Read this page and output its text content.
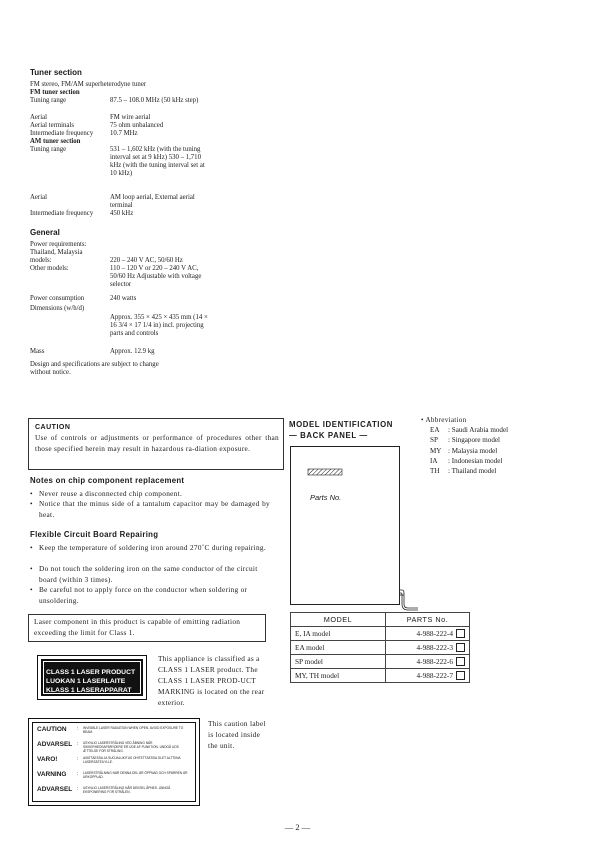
Tuner section
FM stereo, FM/AM superheterodyne tuner
FM tuner section
Tuning range	87.5 – 108.0 MHz (50 kHz step)
Aerial	FM wire aerial
Aerial terminals	75 ohm unbalanced
Intermediate frequency 10.7 MHz
AM tuner section
Tuning range	531 – 1,602 kHz (with the tuning interval set at 9 kHz) 530 – 1,710 kHz (with the tuning interval set at 10 kHz)
Aerial	AM loop aerial, External aerial terminal
Intermediate frequency 450 kHz
General
Power requirements:
Thailand, Malaysia models:	220 – 240 V AC, 50/60 Hz
Other models:	110 – 120 V or 220 – 240 V AC, 50/60 Hz Adjustable with voltage selector
Power consumption	240 watts
Dimensions (w/h/d)
Approx. 355 × 425 × 435 mm (14 × 16 3/4 × 17 1/4 in) incl. projecting parts and controls
Mass	Approx. 12.9 kg
Design and specifications are subject to change without notice.
CAUTION
Use of controls or adjustments or performance of procedures other than those specified herein may result in hazardous ra-diation exposure.
Notes on chip component replacement
• Never reuse a disconnected chip component.
• Notice that the minus side of a tantalum capacitor may be damaged by heat.
Flexible Circuit Board Repairing
• Keep the temperature of soldering iron around 270˚C during repairing.
• Do not touch the soldering iron on the same conductor of the circuit board (within 3 times).
• Be careful not to apply force on the conductor when soldering or unsoldering.
Laser component in this product is capable of emitting radiation exceeding the limit for Class 1.
CLASS 1 LASER PRODUCT
LUOKAN 1 LASERLAITE
KLASS 1 LASERAPPARAT
This appliance is classified as a CLASS 1 LASER product. The CLASS 1 LASER PROD-UCT MARKING is located on the rear exterior.
CAUTION	:	INVISIBLE LASER RADIATION WHEN OPEN. AVOID EXPOSURE TO BEAM.
ADVARSEL :	USYNLIG LASERSTRÅLING VED ÅBNING NÅR SIKKERHEDSAFBRYDERE ER UDE AF FUNKTION. UNDGÅ UDS ÆTTELSE FOR STRÅLING.
VARO!	:	AVATTAESSA JA SUOJALUKITUS OHITETTAESSA OLET ALTTIINA LASERSÄTEILYLLE.
VARNING	:	LASERSTRÅLNING NÄR DENNA DEL ÄR ÖPPNAD OCH SPÄRREN ÄR URKOPPLAD.
ADVARSEL :	USYNLIG LASERSTRÅLING NÅR DEKSEL ÅPNES. UNNGÅ EKSPONERING FOR STRÅLEN.
This caution label is located inside the unit.
MODEL IDENTIFICATION
— BACK PANEL —
Parts No.
• Abbreviation
EA : Saudi Arabia model
SP : Singapore model
MY : Malaysia model
IA : Indonesian model
TH : Thailand model
MODEL	PARTS No.
E, IA model	4-988-222-4
EA model	4-988-222-3
SP model	4-988-222-6
MY, TH model	4-988-222-7
— 2 —
